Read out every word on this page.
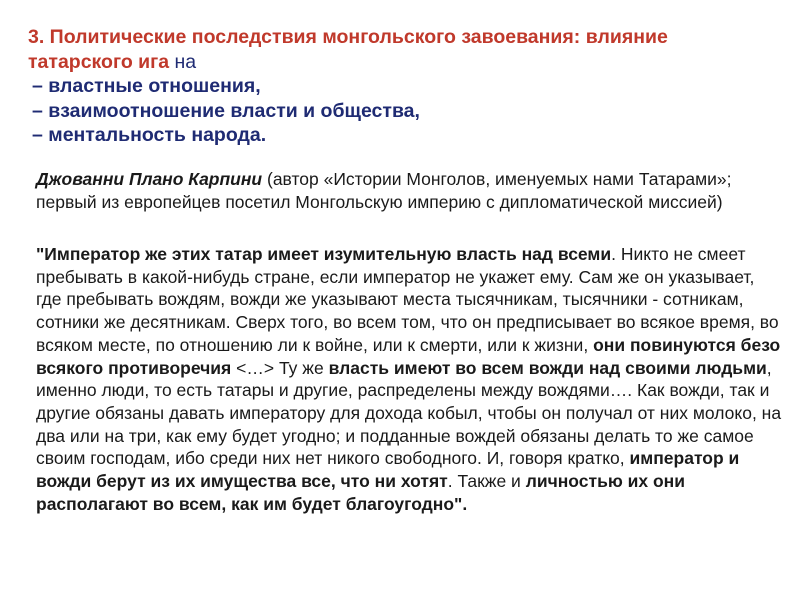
3. Политические последствия монгольского завоевания: влияние
татарского ига на
– властные отношения,
– взаимоотношение власти и общества,
– ментальность народа.
Джованни Плано Карпини (автор «Истории Монголов, именуемых нами Татарами»; первый из европейцев посетил Монгольскую империю с дипломатической миссией)
"Император же этих татар имеет изумительную власть над всеми. Никто не смеет пребывать в какой-нибудь стране, если император не укажет ему. Сам же он указывает, где пребывать вождям, вожди же указывают места тысячникам, тысячники - сотникам, сотники же десятникам. Сверх того, во всем том, что он предписывает во всякое время, во всяком месте, по отношению ли к войне, или к смерти, или к жизни, они повинуются безо всякого противоречия <…> Ту же власть имеют во всем вожди над своими людьми, именно люди, то есть татары и другие, распределены между вождями…. Как вожди, так и другие обязаны давать императору для дохода кобыл, чтобы он получал от них молоко, на два или на три, как ему будет угодно; и подданные вождей обязаны делать то же самое своим господам, ибо среди них нет никого свободного. И, говоря кратко, император и вожди берут из их имущества все, что ни хотят. Также и личностью их они располагают во всем, как им будет благоугодно".
